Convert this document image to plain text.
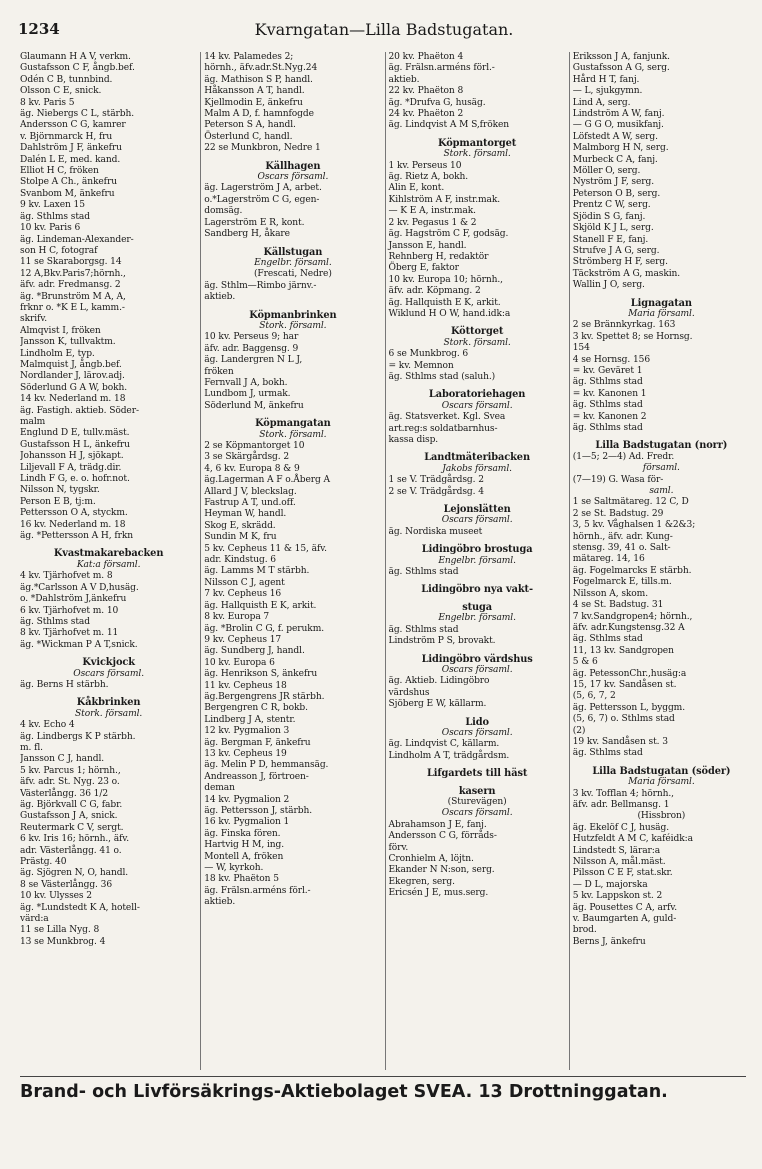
1234	Kvarngatan—Lilla Badstugatan.
Glaumann H A V, verkm.
Gustafsson C F, ångb.bef.
Odén C B, tunnbind.
Olsson C E, snick.
8 kv. Paris 5
äg. Niebergs C L, stärbh.
Andersson C G, kamrer
v. Björnmarck H, fru
Dahlström J F, änkefru
Dalén L E, med. kand.
Elliot H C, fröken
Stolpe A Ch., änkefru
Svanbom M, änkefru
9 kv. Laxen 15
äg. Sthlms stad
10 kv. Paris 6
äg. Lindeman-Alexander-
son H C, fotograf
11 se Skaraborgsg. 14
12 A,Bkv.Paris7;hörnh.,
äfv. adr. Fredmansg. 2
äg. *Brunström M A, A,
frknr o. *K E L, kamm.-
skrifv.
Almqvist I, fröken
Jansson K, tullvaktm.
Lindholm E, typ.
Malmquist J, ångb.bef.
Nordlander J, lärov.adj.
Söderlund G A W, bokh.
14 kv. Nederland m. 18
äg. Fastigh. aktieb. Söder-
malm
Englund D E, tullv.mäst.
Gustafsson H L, änkefru
Johansson H J, sjökapt.
Liljevall F A, trädg.dir.
Lindh F G, e. o. hofr.not.
Nilsson N, tygskr.
Person E B, tj:m.
Pettersson O A, styckm.
16 kv. Nederland m. 18
äg. *Pettersson A H, frkn
Kvastmakarebacken
Kat:a församl.
4 kv. Tjärhofvet m. 8
äg.*Carlsson A V D,husäg.
o. *Dahlström J,änkefru
6 kv. Tjärhofvet m. 10
äg. Sthlms stad
8 kv. Tjärhofvet m. 11
äg. *Wickman P A T,snick.
Kvickjock
Oscars församl.
äg. Berns H stärbh.
Kåkbrinken
Stork. församl.
4 kv. Echo 4
äg. Lindbergs K P stärbh.
m. fl.
Jansson C J, handl.
5 kv. Parcus 1; hörnh.,
äfv. adr. St. Nyg. 23 o.
Västerlångg. 36 1/2
äg. Björkvall C G, fabr.
Gustafsson J A, snick.
Reutermark C V, sergt.
6 kv. Iris 16; hörnh., äfv.
adr. Västerlångg. 41 o.
Prästg. 40
äg. Sjögren N, O, handl.
8 se Västerlångg. 36
10 kv. Ulysses 2
äg. *Lundstedt K A, hotell-
värd:a
11 se Lilla Nyg. 8
13 se Munkbrog. 4
14 kv. Palamedes 2;
hörnh., äfv.adr.St.Nyg.24
äg. Mathison S P, handl.
Håkansson A T, handl.
Kjellmodin E, änkefru
Malm A D, f. hamnfogde
Peterson S A, handl.
Österlund C, handl.
22 se Munkbron, Nedre 1
Källhagen
Oscars församl.
äg. Lagerström J A, arbet.
o.*Lagerström C G, egen-
domsäg.
Lagerström E R, kont.
Sandberg H, åkare
Källstugan
Engelbr. församl.
(Frescati, Nedre)
äg. Sthlm—Rimbo järnv.-
aktieb.
Köpmanbrinken
Stork. församl.
10 kv. Perseus 9; har
äfv. adr. Baggensg. 9
äg. Landergren N L J,
fröken
Fernvall J A, bokh.
Lundbom J, urmak.
Söderlund M, änkefru
Köpmangatan
Stork. församl.
2 se Köpmantorget 10
3 se Skärgårdsg. 2
4, 6 kv. Europa 8 & 9
äg.Lagerman A F o.Åberg A
Allard J V, bleckslag.
Fastrup A T, und.off.
Heyman W, handl.
Skog E, skrädd.
Sundin M K, fru
5 kv. Cepheus 11 & 15, äfv.
adr. Kindstug. 6
äg. Lamms M T stärbh.
Nilsson C J, agent
7 kv. Cepheus 16
äg. Hallquisth E K, arkit.
8 kv. Europa 7
äg. *Brolin C G, f. perukm.
9 kv. Cepheus 17
äg. Sundberg J, handl.
10 kv. Europa 6
äg. Henrikson S, änkefru
11 kv. Cepheus 18
äg.Bergengrens JR stärbh.
Bergengren C R, bokb.
Lindberg J A, stentr.
12 kv. Pygmalion 3
äg. Bergman F, änkefru
13 kv. Cepheus 19
äg. Melin P D, hemmansäg.
Andreasson J, förtroen-
deman
14 kv. Pygmalion 2
äg. Pettersson J, stärbh.
16 kv. Pygmalion 1
äg. Finska fören.
Hartvig H M, ing.
Montell A, fröken
— W, kyrkoh.
18 kv. Phaëton 5
äg. Frälsn.arméns förl.-
aktieb.
20 kv. Phaëton 4
äg. Frälsn.arméns förl.-
aktieb.
22 kv. Phaëton 8
äg. *Drufva G, husäg.
24 kv. Phaëton 2
äg. Lindqvist A M S,fröken
Köpmantorget
Stork. församl.
1 kv. Perseus 10
äg. Rietz A, bokh.
Alin E, kont.
Kihlström A F, instr.mak.
— K E A, instr.mak.
2 kv. Pegasus 1 & 2
äg. Hagström C F, godsäg.
Jansson E, handl.
Rehnberg H, redaktör
Öberg E, faktor
10 kv. Europa 10; hörnh.,
äfv. adr. Köpmang. 2
äg. Hallquisth E K, arkit.
Wiklund H O W, hand.idk:a
Köttorget
Stork. församl.
6 se Munkbrog. 6
= kv. Memnon
äg. Sthlms stad (saluh.)
Laboratoriehagen
Oscars församl.
äg. Statsverket. Kgl. Svea
art.reg:s soldatbarnhus-
kassa disp.
Landtmäteribacken
Jakobs församl.
1 se V. Trädgårdsg. 2
2 se V. Trädgårdsg. 4
Lejonslätten
Oscars församl.
äg. Nordiska museet
Lidingöbro brostuga
Engelbr. församl.
äg. Sthlms stad
Lidingöbro nya vakt-
stuga
Engelbr. församl.
äg. Sthlms stad
Lindström P S, brovakt.
Lidingöbro värdshus
Oscars församl.
äg. Aktieb. Lidingöbro
värdshus
Sjöberg E W, källarm.
Lido
Oscars församl.
äg. Lindqvist C, källarm.
Lindholm A T, trädgårdsm.
Lifgardets till häst
kasern
(Sturevägen)
Oscars församl.
Abrahamson J E, fanj.
Andersson C G, förråds-
förv.
Cronhielm A, löjtn.
Ekander N N:son, serg.
Ekegren, serg.
Ericsén J E, mus.serg.
Eriksson J A, fanjunk.
Gustafsson A G, serg.
Hård H T, fanj.
— L, sjukgymn.
Lind A, serg.
Lindström A W, fanj.
— G G O, musikfanj.
Löfstedt A W, serg.
Malmborg H N, serg.
Murbeck C A, fanj.
Möller O, serg.
Nyström J F, serg.
Peterson O B, serg.
Prentz C W, serg.
Sjödin S G, fanj.
Skjöld K J L, serg.
Stanell F E, fanj.
Strufve J A G, serg.
Strömberg H F, serg.
Täckström A G, maskin.
Wallin J O, serg.
Lignagatan
Maria församl.
2 se Brännkyrkag. 163
3 kv. Spettet 8; se Hornsg.
154
4 se Hornsg. 156
= kv. Geväret 1
äg. Sthlms stad
= kv. Kanonen 1
äg. Sthlms stad
= kv. Kanonen 2
äg. Sthlms stad
Lilla Badstugatan (norr)
(1—5; 2—4) Ad. Fredr.
församl.
(7—19) G. Wasa för-
saml.
1 se Saltmätareg. 12 C, D
2 se St. Badstug. 29
3, 5 kv. Våghalsen 1 &2&3;
hörnh., äfv. adr. Kung-
stensg. 39, 41 o. Salt-
mätareg. 14, 16
äg. Fogelmarcks E stärbh.
Fogelmarck E, tills.m.
Nilsson A, skom.
4 se St. Badstug. 31
7 kv.Sandgropen4; hörnh.,
äfv. adr.Kungstensg.32 A
äg. Sthlms stad
11, 13 kv. Sandgropen
5 & 6
äg. PetessonChr.,husäg:a
15, 17 kv. Sandåsen st.
(5, 6, 7, 2
äg. Pettersson L, byggm.
(5, 6, 7) o. Sthlms stad
(2)
19 kv. Sandåsen st. 3
äg. Sthlms stad
Lilla Badstugatan (söder)
Maria församl.
3 kv. Tofflan 4; hörnh.,
äfv. adr. Bellmansg. 1
(Hissbron)
äg. Ekelöf C J, husäg.
Hutzfeldt A M C, kaféidk:a
Lindstedt S, lärar:a
Nilsson A, mål.mäst.
Pilsson C E F, stat.skr.
— D L, majorska
5 kv. Lappskon st. 2
äg. Pousettes C A, arfv.
v. Baumgarten A, guld-
brod.
Berns J, änkefru
Brand- och Livförsäkrings-Aktiebolaget SVEA. 13 Drottninggatan.
